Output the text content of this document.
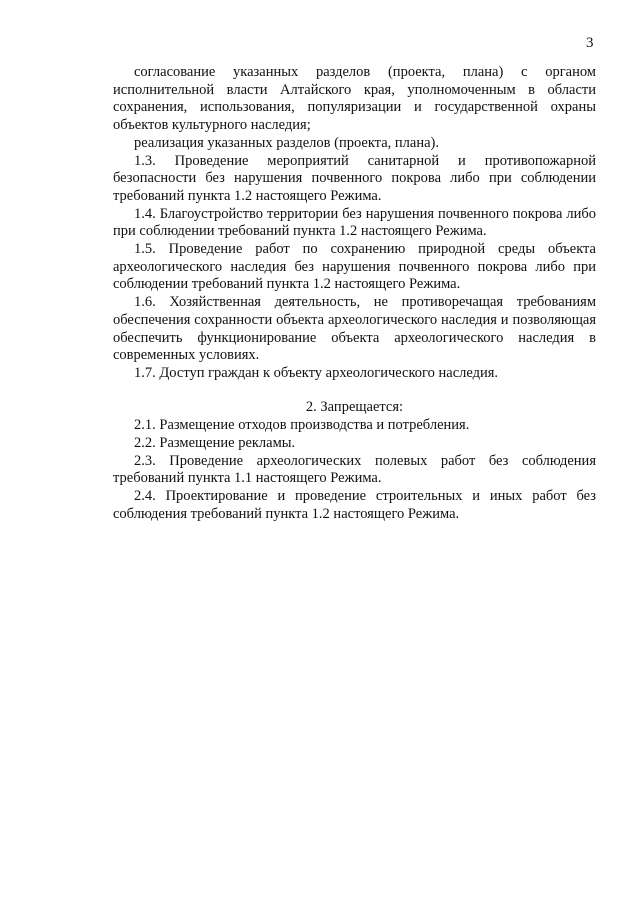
3

согласование указанных разделов (проекта, плана) с органом исполнительной власти Алтайского края, уполномоченным в области сохранения, использования, популяризации и государственной охраны объектов культурного наследия;

реализация указанных разделов (проекта, плана).

1.3. Проведение мероприятий санитарной и противопожарной безопасности без нарушения почвенного покрова либо при соблюдении требований пункта 1.2 настоящего Режима.

1.4. Благоустройство территории без нарушения почвенного покрова либо при соблюдении требований пункта 1.2 настоящего Режима.

1.5. Проведение работ по сохранению природной среды объекта археологического наследия без нарушения почвенного покрова либо при соблюдении требований пункта 1.2 настоящего Режима.

1.6. Хозяйственная деятельность, не противоречащая требованиям обеспечения сохранности объекта археологического наследия и позволяющая обеспечить функционирование объекта археологического наследия в современных условиях.

1.7. Доступ граждан к объекту археологического наследия.

2. Запрещается:

2.1. Размещение отходов производства и потребления.

2.2. Размещение рекламы.

2.3. Проведение археологических полевых работ без соблюдения требований пункта 1.1 настоящего Режима.

2.4. Проектирование и проведение строительных и иных работ без соблюдения требований пункта 1.2 настоящего Режима.
